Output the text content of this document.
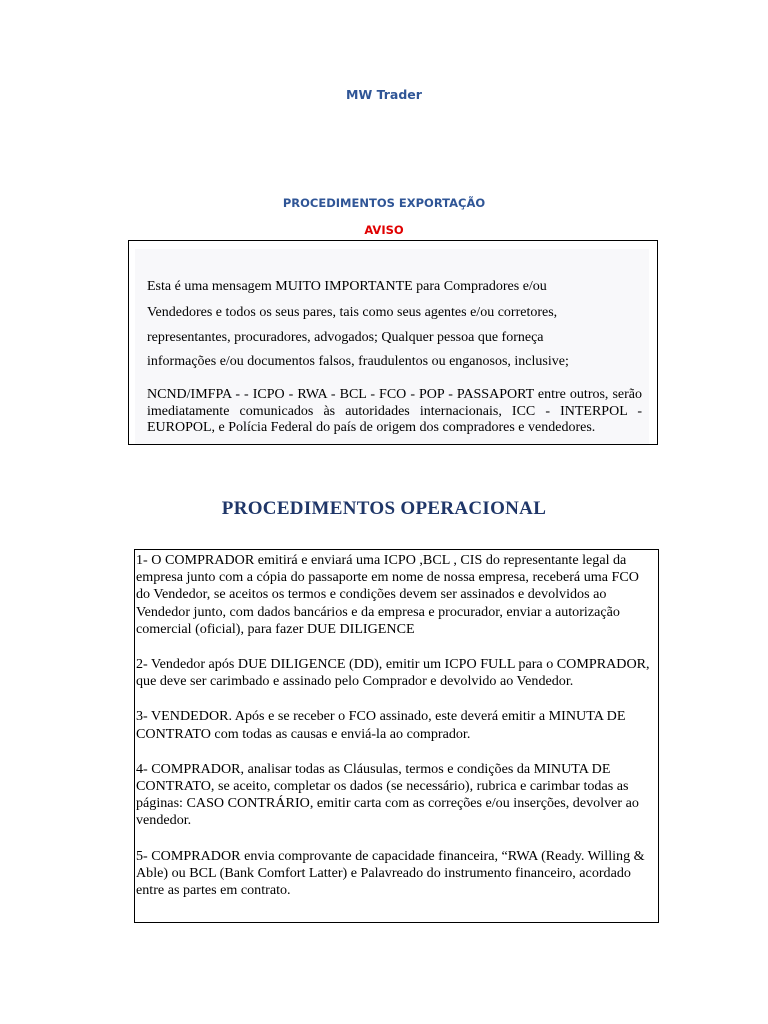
MW Trader
PROCEDIMENTOS EXPORTAÇÃO
AVISO
Esta é uma mensagem MUITO IMPORTANTE para Compradores e/ou
Vendedores e todos os seus pares, tais como seus agentes e/ou corretores,
representantes, procuradores, advogados; Qualquer pessoa que forneça
informações e/ou documentos falsos, fraudulentos ou enganosos, inclusive;
NCND/IMFPA - - ICPO - RWA - BCL - FCO - POP - PASSAPORT entre outros, serão imediatamente comunicados às autoridades internacionais, ICC - INTERPOL - EUROPOL, e Polícia Federal do país de origem dos compradores e vendedores.
PROCEDIMENTOS OPERACIONAL

1- O COMPRADOR emitirá e enviará uma ICPO ,BCL , CIS do representante legal da empresa junto com a cópia do passaporte em nome de nossa empresa, receberá uma FCO do Vendedor, se aceitos os termos e condições devem ser assinados e devolvidos ao Vendedor junto, com dados bancários e da empresa e procurador, enviar a autorização comercial (oficial), para fazer DUE DILIGENCE

2- Vendedor após DUE DILIGENCE (DD), emitir um ICPO FULL para o COMPRADOR, que deve ser carimbado e assinado pelo Comprador e devolvido ao Vendedor.

3- VENDEDOR. Após e se receber o FCO assinado, este deverá emitir a MINUTA DE CONTRATO com todas as causas e enviá-la ao comprador.

4- COMPRADOR, analisar todas as Cláusulas, termos e condições da MINUTA DE CONTRATO, se aceito, completar os dados (se necessário), rubrica e carimbar todas as páginas: CASO CONTRÁRIO, emitir carta com as correções e/ou inserções, devolver ao vendedor.

5- COMPRADOR envia comprovante de capacidade financeira, “RWA (Ready. Willing & Able) ou BCL (Bank Comfort Latter) e Palavreado do instrumento financeiro, acordado entre as partes em contrato.
